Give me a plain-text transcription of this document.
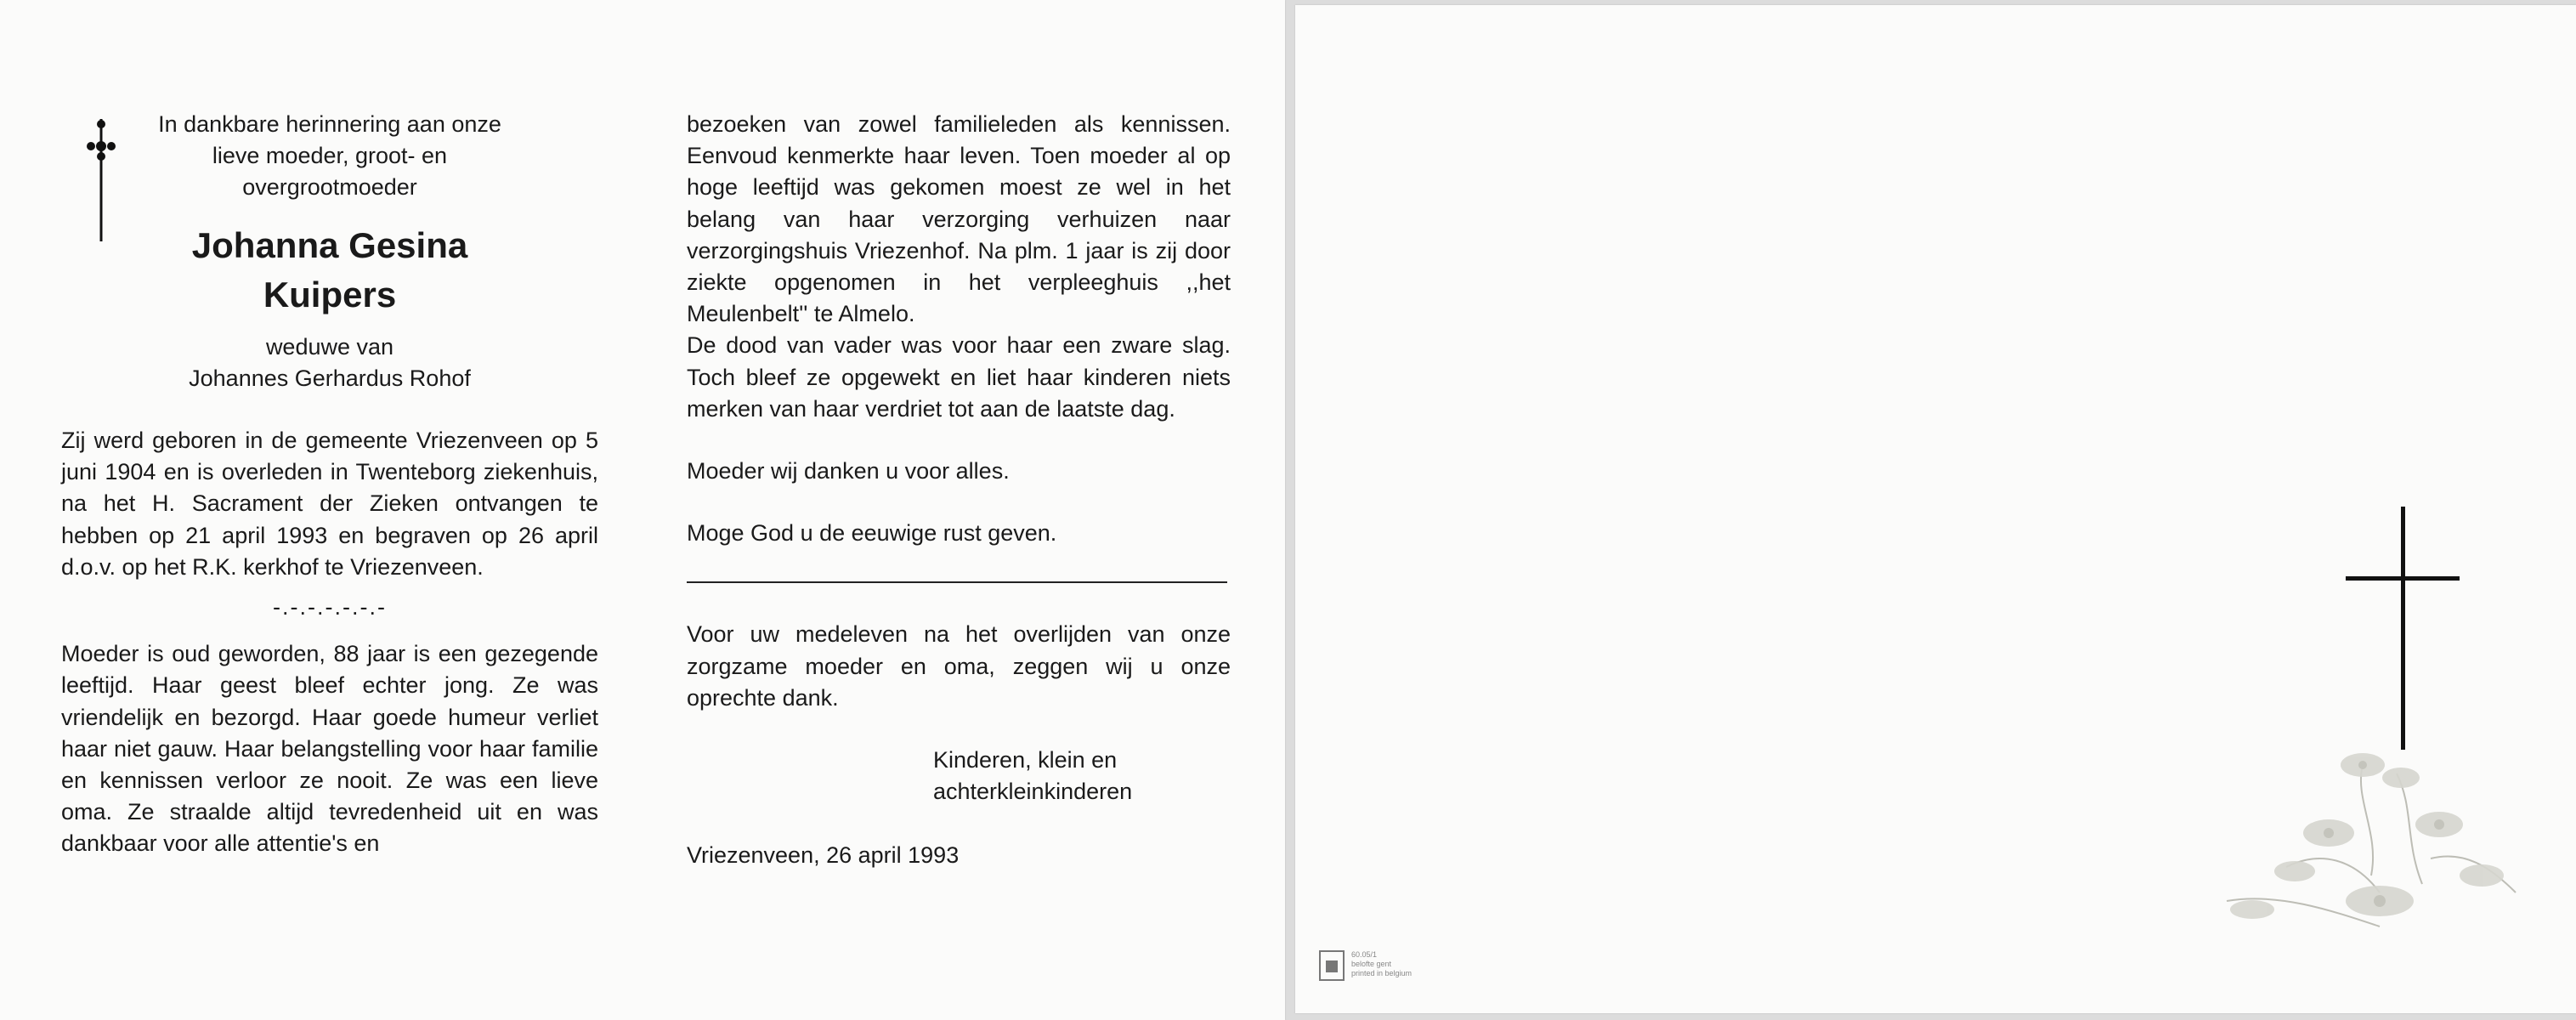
In dankbare herinnering aan onze

lieve moeder, groot- en

overgrootmoeder

Johanna Gesina
Kuipers

weduwe van

Johannes Gerhardus Rohof

Zij werd geboren in de gemeente Vriezenveen op 5 juni 1904 en is overleden in Twenteborg ziekenhuis, na het H. Sacrament der Zieken ontvangen te hebben op 21 april 1993 en begraven op 26 april d.o.v. op het R.K. kerkhof te Vriezenveen.

-.-.-.-.-.-.-

Moeder is oud geworden, 88 jaar is een gezegende leeftijd. Haar geest bleef echter jong. Ze was vriendelijk en bezorgd. Haar goede humeur verliet haar niet gauw. Haar belangstelling voor haar familie en kennissen verloor ze nooit. Ze was een lieve oma. Ze straalde altijd tevredenheid uit en was dankbaar voor alle attentie's en

bezoeken van zowel familieleden als kennissen. Eenvoud kenmerkte haar leven. Toen moeder al op hoge leeftijd was gekomen moest ze wel in het belang van haar verzorging verhuizen naar verzorgingshuis Vriezenhof. Na plm. 1 jaar is zij door ziekte opgenomen in het verpleeghuis ,,het Meulenbelt'' te Almelo.

De dood van vader was voor haar een zware slag. Toch bleef ze opgewekt en liet haar kinderen niets merken van haar verdriet tot aan de laatste dag.

Moeder wij danken u voor alles.

Moge God u de eeuwige rust geven.

Voor uw medeleven na het overlijden van onze zorgzame moeder en oma, zeggen wij u onze oprechte dank.

Kinderen, klein en

achterkleinkinderen

Vriezenveen, 26 april 1993

60.05/1
belofte gent
printed in belgium
